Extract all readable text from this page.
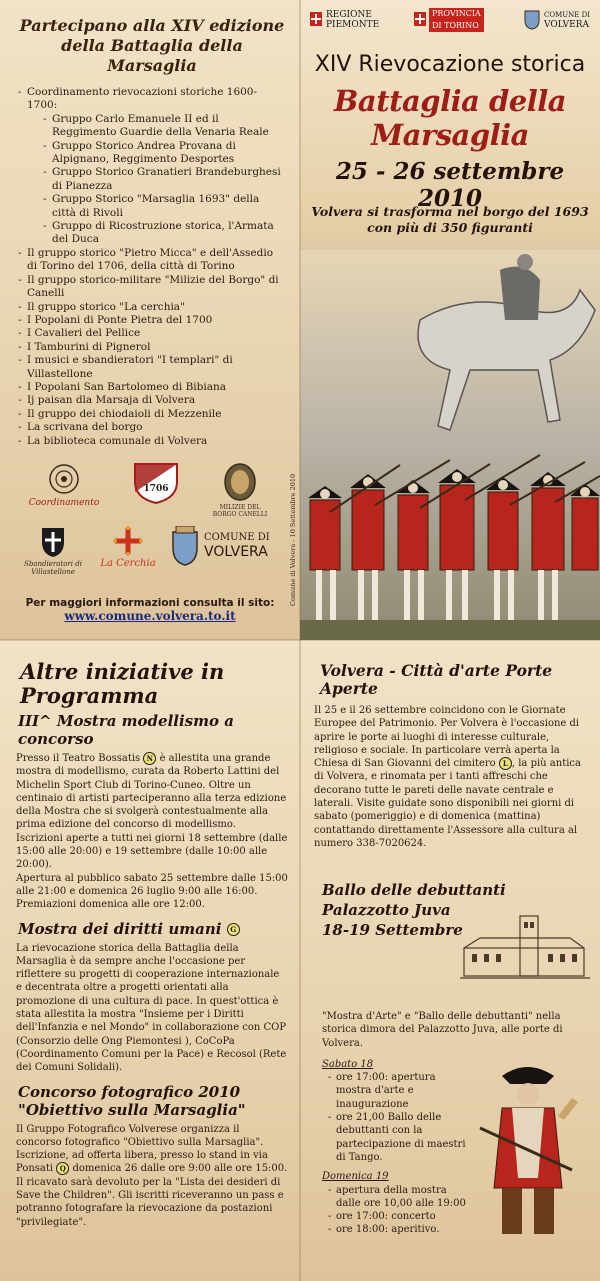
Partecipano alla XIV edizione
della Battaglia della Marsaglia
- Coordinamento rievocazioni storiche 1600-1700:
- Gruppo Carlo Emanuele II ed il Reggimento Guardie della Venaria Reale
- Gruppo Storico Andrea Provana di Alpignano, Reggimento Desportes
- Gruppo Storico Granatieri Brandeburghesi di Pianezza
- Gruppo Storico "Marsaglia 1693" della città di Rivoli
- Gruppo di Ricostruzione storica, l'Armata del Duca
- Il gruppo storico "Pietro Micca" e dell'Assedio di Torino del 1706, della città di Torino
- Il gruppo storico-militare "Milizie del Borgo" di Canelli
- Il gruppo storico "La cerchia"
- I Popolani di Ponte Pietra del 1700
- I Cavalieri del Pellice
- I Tamburini di Pignerol
- I musici e sbandieratori "I templari" di Villastellone
- I Popolani San Bartolomeo di Bibiana
- Ij paisan dla Marsaja di Volvera
- Il gruppo dei chiodaioli di Mezzenile
- La scrivana del borgo
- La biblioteca comunale di Volvera
Coordinamento
1706
MILIZIE DEL BORGO CANELLI
Sbandieratori di Villastellone
La Cerchia
COMUNE DI
VOLVERA
Per maggiori informazioni consulta il sito:
www.comune.volvera.to.it
Comune di Volvera - 10 Settembre 2010
REGIONE
PIEMONTE
PROVINCIA
DI TORINO
COMUNE DI
VOLVERA
XIV Rievocazione storica
Battaglia della Marsaglia
25 - 26 settembre 2010
Volvera si trasforma nel borgo del 1693
con più di 350 figuranti
Altre iniziative in Programma
III^ Mostra modellismo a concorso

Presso il Teatro Bossatis N è allestita una grande mostra di modellismo, curata da Roberto Lattini del Michelin Sport Club di Torino-Cuneo. Oltre un centinaio di artisti parteciperanno alla terza edizione della Mostra che si svolgerà contestualmente alla prima edizione del concorso di modellismo.

Iscrizioni aperte a tutti nei giorni 18 settembre (dalle 15:00 alle 20:00) e 19 settembre (dalle 10:00 alle 20:00).

Apertura al pubblico sabato 25 settembre dalle 15:00 alle 21:00 e domenica 26 luglio 9:00 alle 16:00.

Premiazioni domenica alle ore 12:00.

Mostra dei diritti umani G
La rievocazione storica della Battaglia della Marsaglia è da sempre anche l'occasione per riflettere su progetti di cooperazione internazionale e decentrata oltre a progetti orientati alla promozione di una cultura di pace. In quest'ottica è stata allestita la mostra "Insieme per i Diritti dell'Infanzia e nel Mondo" in collaborazione con COP (Consorzio delle Ong Piemontesi ), CoCoPa (Coordinamento Comuni per la Pace) e Recosol (Rete dei Comuni Solidali).
Concorso fotografico 2010
"Obiettivo sulla Marsaglia"

Il Gruppo Fotografico Volverese organizza il concorso fotografico "Obiettivo sulla Marsaglia".

Iscrizione, ad offerta libera, presso lo stand in via Ponsati Q domenica 26 dalle ore 9:00 alle ore 15:00. Il ricavato sarà devoluto per la "Lista dei desideri di Save the Children". Gli iscritti riceveranno un pass e potranno fotografare la rievocazione da postazioni "privilegiate".

Volvera - Città d'arte Porte Aperte

Il 25 e il 26 settembre coincidono con le Giornate Europee del Patrimonio. Per Volvera è l'occasione di aprire le porte ai luoghi di interesse culturale, religioso e sociale. In particolare verrà aperta la Chiesa di San Giovanni del cimitero L , la più antica di Volvera, e rinomata per i tanti affreschi che decorano tutte le pareti delle navate centrale e laterali. Visite guidate sono disponibili nei giorni di sabato (pomeriggio) e di domenica (mattina) contattando direttamente l'Assessore alla cultura al numero 338-7020624.

Ballo delle debuttanti
Palazzotto Juva
18-19 Settembre

"Mostra d'Arte" e "Ballo delle debuttanti" nella storica dimora del Palazzotto Juva, alle porte di Volvera.

Sabato 18
- ore 17:00: apertura mostra d'arte e inaugurazione
- ore 21,00 Ballo delle debuttanti con la partecipazione di maestri di Tango.
Domenica 19
- apertura della mostra dalle ore 10,00 alle 19:00
- ore 17:00: concerto
- ore 18:00: aperitivo.
